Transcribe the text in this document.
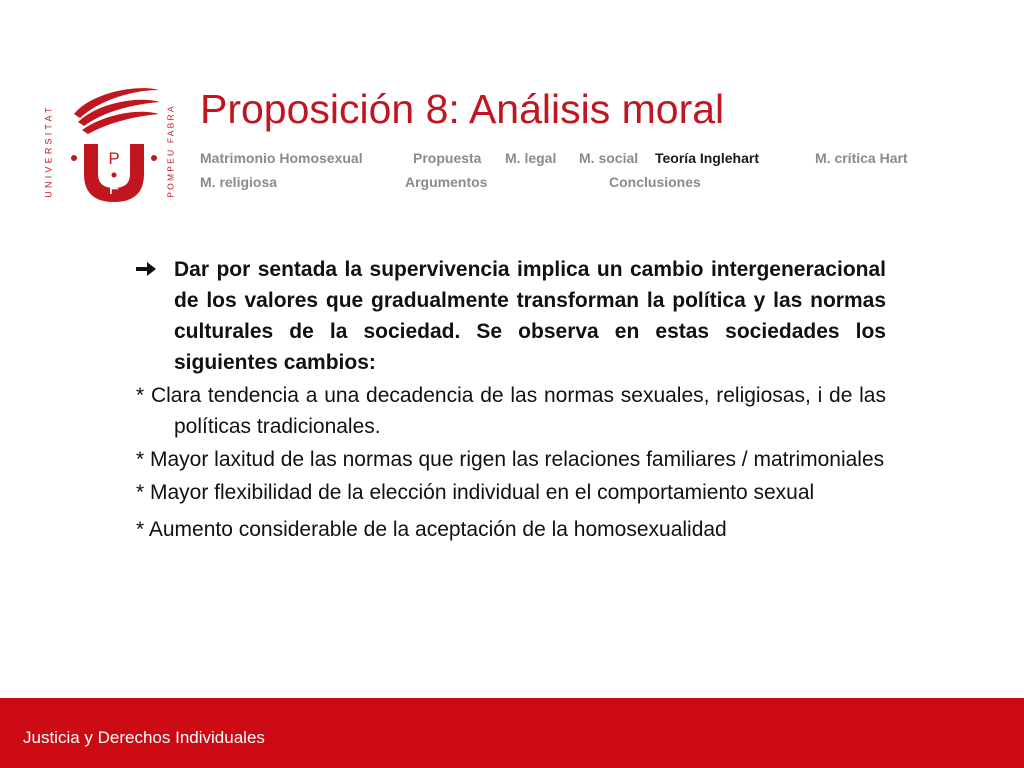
UNIVERSITAT	P
F	POMPEU FABRA Proposición 8: Análisis moral
Matrimonio Homosexual	Propuesta M. legal M. social Teoría Inglehart	M. crítica Hart
M. religiosa	Argumentos	Conclusiones

Dar por sentada la supervivencia implica un cambio intergeneracional de los valores que gradualmente transforman la política y las normas culturales de la sociedad. Se observa en estas sociedades los siguientes cambios:

* Clara tendencia a una decadencia de las normas sexuales, religiosas, i de las políticas tradicionales.

* Mayor laxitud de las normas que rigen las relaciones familiares / matrimoniales

* Mayor flexibilidad de la elección individual en el comportamiento sexual

* Aumento considerable de la aceptación de la homosexualidad

Justicia y Derechos Individuales
